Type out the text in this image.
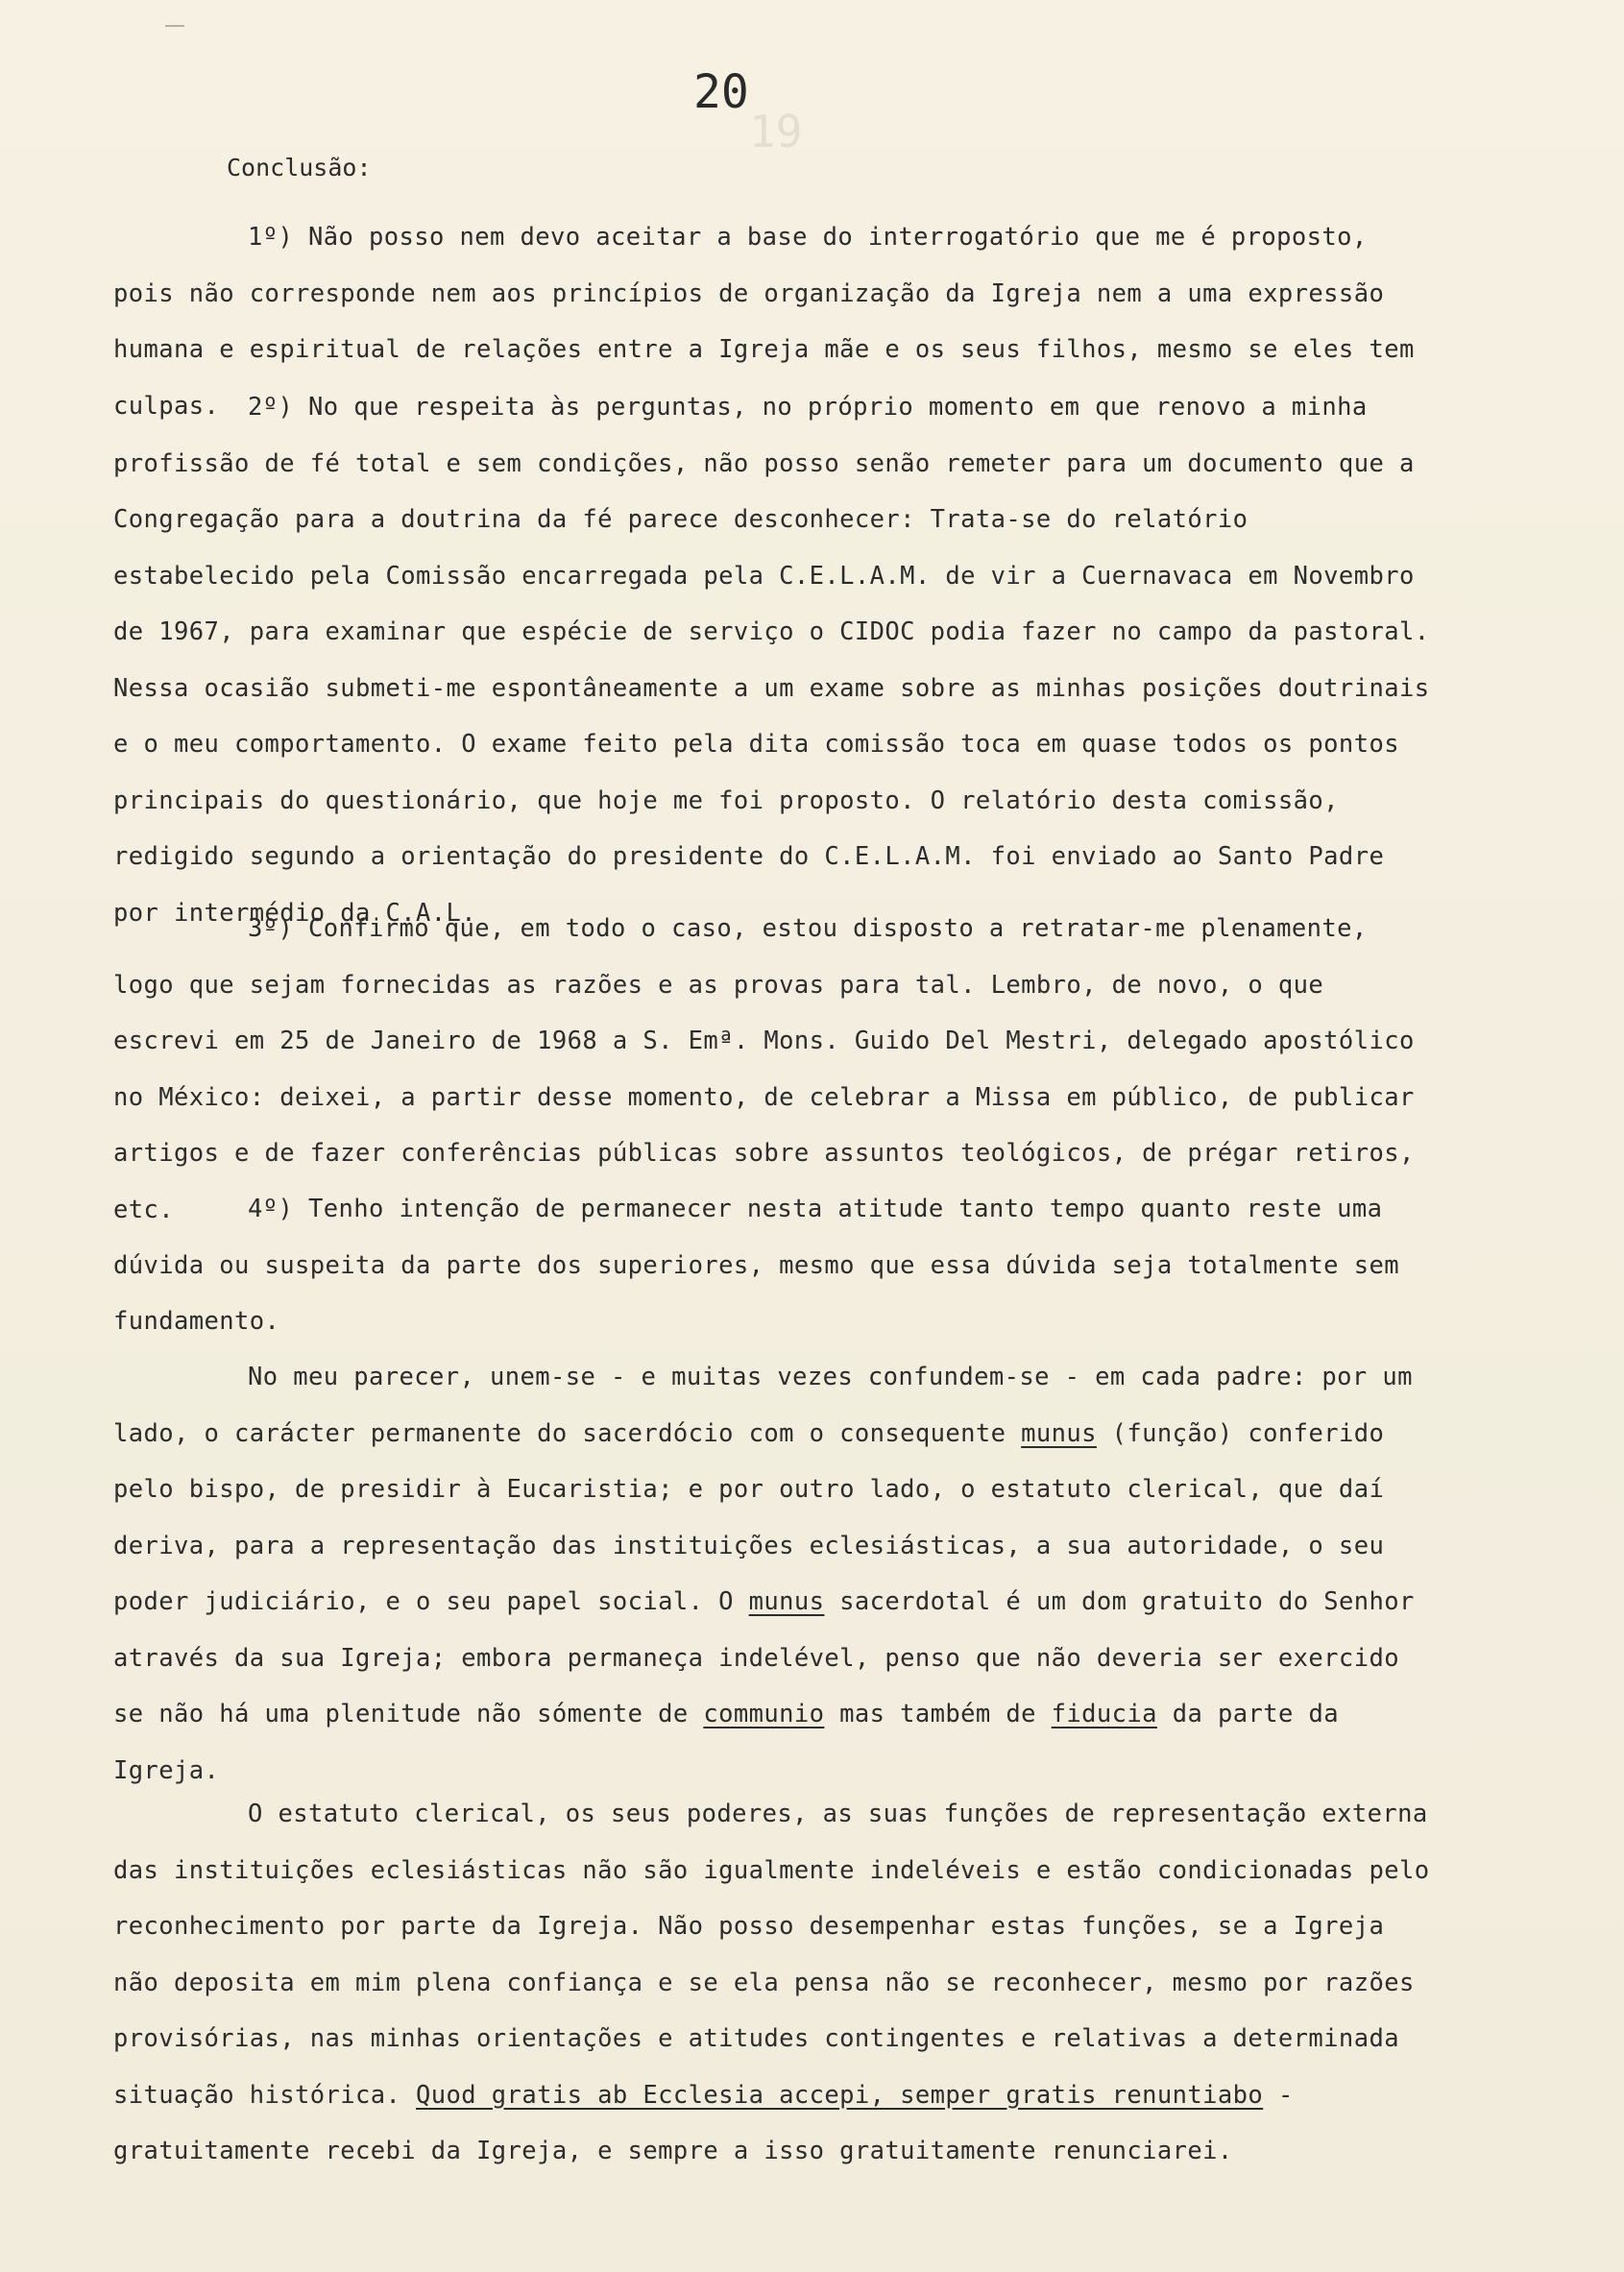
19
20
Conclusão:

1º) Não posso nem devo aceitar a base do interrogatório que me é proposto, pois não corresponde nem aos princípios de organização da Igreja nem a uma expressão humana e espiritual de relações entre a Igreja mãe e os seus filhos, mesmo se eles tem culpas.	2º) No que respeita às perguntas, no próprio momento em que renovo a minha profissão de fé total e sem condições, não posso senão remeter para um documento que a Congregação para a doutrina da fé parece desconhecer: Trata-se do relatório estabelecido pela Comissão encarregada pela C.E.L.A.M. de vir a Cuernavaca em Novembro de 1967, para examinar que espécie de serviço o CIDOC podia fazer no campo da pastoral. Nessa ocasião submeti-me espontâneamente a um exame sobre as minhas posições doutrinais e o meu comportamento. O exame feito pela dita comissão toca em quase todos os pontos principais do questionário, que hoje me foi proposto. O relatório desta comissão, redigido segundo a orientação do presidente do C.E.L.A.M. foi enviado ao Santo Padre por intermédio da C.A.L.

3º) Confirmo que, em todo o caso, estou disposto a retratar-me plenamente, logo que sejam fornecidas as razões e as provas para tal. Lembro, de novo, o que escrevi em 25 de Janeiro de 1968 a S. Emª. Mons. Guido Del Mestri, delegado apostólico no México: deixei, a partir desse momento, de celebrar a Missa em público, de publicar artigos e de fazer conferências públicas sobre assuntos teológicos, de prégar retiros, etc.	4º) Tenho intenção de permanecer nesta atitude tanto tempo quanto reste uma dúvida ou suspeita da parte dos superiores, mesmo que essa dúvida seja totalmente sem fundamento.

No meu parecer, unem-se - e muitas vezes confundem-se - em cada padre: por um lado, o carácter permanente do sacerdócio com o consequente munus (função) conferido pelo bispo, de presidir à Eucaristia; e por outro lado, o estatuto clerical, que daí deriva, para a representação das instituições eclesiásticas, a sua autoridade, o seu poder judiciário, e o seu papel social. O munus sacerdotal é um dom gratuito do Senhor através da sua Igreja; embora permaneça indelével, penso que não deveria ser exercido se não há uma plenitude não sómente de communio mas também de fiducia da parte da Igreja.

O estatuto clerical, os seus poderes, as suas funções de representação externa das instituições eclesiásticas não são igualmente indeléveis e estão condicionadas pelo reconhecimento por parte da Igreja. Não posso desempenhar estas funções, se a Igreja não deposita em mim plena confiança e se ela pensa não se reconhecer, mesmo por razões provisórias, nas minhas orientações e atitudes contingentes e relativas a determinada situação histórica. Quod gratis ab Ecclesia accepi, semper gratis renuntiabo - gratuitamente recebi da Igreja, e sempre a isso gratuitamente renunciarei.
